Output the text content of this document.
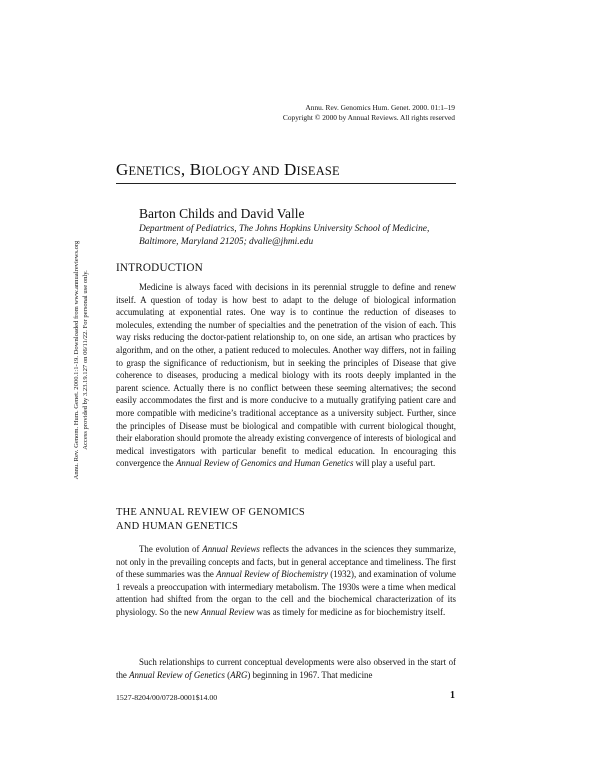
Annu. Rev. Genomics Hum. Genet. 2000. 01:1–19
Copyright © 2000 by Annual Reviews. All rights reserved
GENETICS, BIOLOGY AND DISEASE
Barton Childs and David Valle
Department of Pediatrics, The Johns Hopkins University School of Medicine,
Baltimore, Maryland 21205; dvalle@jhmi.edu
Annu. Rev. Genom. Hum. Genet. 2000.1:1-19. Downloaded from www.annualreviews.org Access provided by 3.23.19.127 on 06/11/22. For personal use only.
INTRODUCTION

Medicine is always faced with decisions in its perennial struggle to define and renew itself. A question of today is how best to adapt to the deluge of biological information accumulating at exponential rates. One way is to continue the reduction of diseases to molecules, extending the number of specialties and the penetration of the vision of each. This way risks reducing the doctor-patient relationship to, on one side, an artisan who practices by algorithm, and on the other, a patient reduced to molecules. Another way differs, not in failing to grasp the significance of reductionism, but in seeking the principles of Disease that give coherence to diseases, producing a medical biology with its roots deeply implanted in the parent science. Actually there is no conflict between these seeming alternatives; the second easily accommodates the first and is more conducive to a mutually gratifying patient care and more compatible with medicine’s traditional acceptance as a university subject. Further, since the principles of Disease must be biological and compatible with current biological thought, their elaboration should promote the already existing convergence of interests of biological and medical investigators with particular benefit to medical education. In encouraging this convergence the Annual Review of Genomics and Human Genetics will play a useful part.

THE ANNUAL REVIEW OF GENOMICS
AND HUMAN GENETICS

The evolution of Annual Reviews reflects the advances in the sciences they summarize, not only in the prevailing concepts and facts, but in general acceptance and timeliness. The first of these summaries was the Annual Review of Biochemistry (1932), and examination of volume 1 reveals a preoccupation with intermediary metabolism. The 1930s were a time when medical attention had shifted from the organ to the cell and the biochemical characterization of its physiology. So the new Annual Review was as timely for medicine as for biochemistry itself.

Such relationships to current conceptual developments were also observed in the start of the Annual Review of Genetics (ARG) beginning in 1967. That medicine

1527-8204/00/0728-0001$14.00	1
